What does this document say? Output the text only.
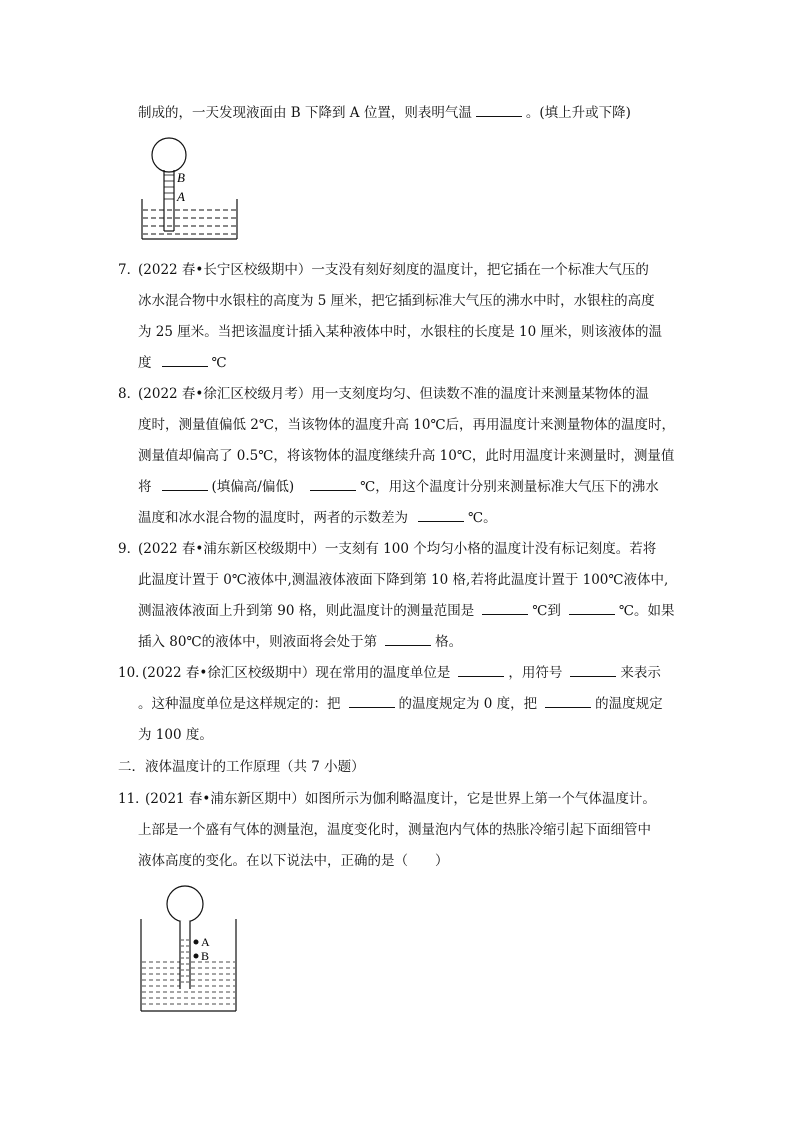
制成的，一天发现液面由 B 下降到 A 位置，则表明气温	。(填上升或下降)
B
A
7．
(2022 春•长宁区校级期中）一支没有刻好刻度的温度计，把它插在一个标准大气压的
冰水混合物中水银柱的高度为 5 厘米，把它插到标准大气压的沸水中时，水银柱的高度
为 25 厘米。当把该温度计插入某种液体中时，水银柱的长度是 10 厘米，则该液体的温
度	℃
8．
(2022 春•徐汇区校级月考）用一支刻度均匀、但读数不准的温度计来测量某物体的温
度时，测量值偏低 2℃，当该物体的温度升高 10℃后，再用温度计来测量物体的温度时，
测量值却偏高了 0.5℃，将该物体的温度继续升高 10℃，此时用温度计来测量时，测量值
将	(填偏高/偏低)	℃，用这个温度计分别来测量标准大气压下的沸水
温度和冰水混合物的温度时，两者的示数差为	℃。
9．
(2022 春•浦东新区校级期中）一支刻有 100 个均匀小格的温度计没有标记刻度。若将
此温度计置于 0℃液体中,测温液体液面下降到第 10 格,若将此温度计置于 100℃液体中,
测温液体液面上升到第 90 格，则此温度计的测量范围是	℃到	℃。如果
插入 80℃的液体中，则液面将会处于第	格。
10．
(2022 春•徐汇区校级期中）现在常用的温度单位是	，用符号	来表示
。这种温度单位是这样规定的：把	的温度规定为 0 度，把	的温度规定
为 100 度。
二．液体温度计的工作原理（共 7 小题）
11．
(2021 春•浦东新区期中）如图所示为伽利略温度计，它是世界上第一个气体温度计。
上部是一个盛有气体的测量泡，温度变化时，测量泡内气体的热胀冷缩引起下面细管中
液体高度的变化。在以下说法中，正确的是（　　）
A
B
